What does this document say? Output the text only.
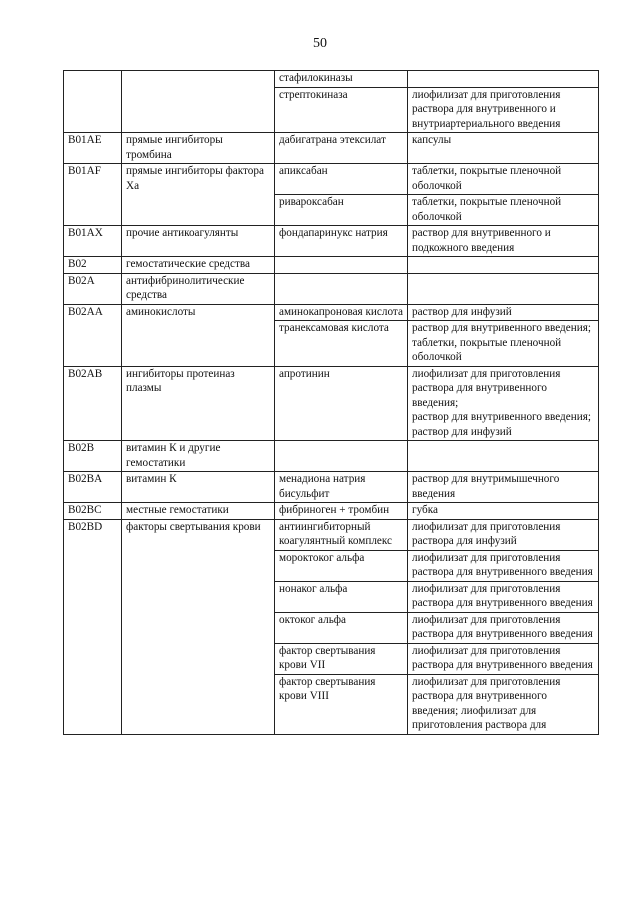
50
		стафилокиназы	
		стрептокиназа	лиофилизат для приготовления раствора для внутривенного и внутриартериального введения

B01AE	прямые ингибиторы тромбина	дабигатрана этексилат	капсулы

B01AF	прямые ингибиторы фактора Ха	апиксабан	таблетки, покрытые пленочной оболочкой

		ривароксабан	таблетки, покрытые пленочной оболочкой

B01AX	прочие антикоагулянты	фондапаринукс натрия	раствор для внутривенного и подкожного введения

B02	гемостатические средства		
B02A	антифибринолитические средства		
B02AA	аминокислоты	аминокапроновая кислота	раствор для инфузий

		транексамовая кислота	раствор для внутривенного введения; таблетки, покрытые пленочной оболочкой

B02AB	ингибиторы протеиназ плазмы	апротинин	лиофилизат для приготовления раствора для внутривенного введения;
раствор для внутривенного введения; раствор для инфузий

B02B	витамин К и другие гемостатики		
B02BA	витамин К	менадиона натрия бисульфит	раствор для внутримышечного введения

B02BC	местные гемостатики	фибриноген + тромбин	губка

B02BD	факторы свертывания крови	антиингибиторный коагулянтный комплекс	лиофилизат для приготовления раствора для инфузий

		мороктоког альфа	лиофилизат для приготовления раствора для внутривенного введения

		нонаког альфа	лиофилизат для приготовления раствора для внутривенного введения

		октоког альфа	лиофилизат для приготовления раствора для внутривенного введения

		фактор свертывания крови VII	лиофилизат для приготовления раствора для внутривенного введения

		фактор свертывания крови VIII	лиофилизат для приготовления раствора для внутривенного введения; лиофилизат для приготовления раствора для
